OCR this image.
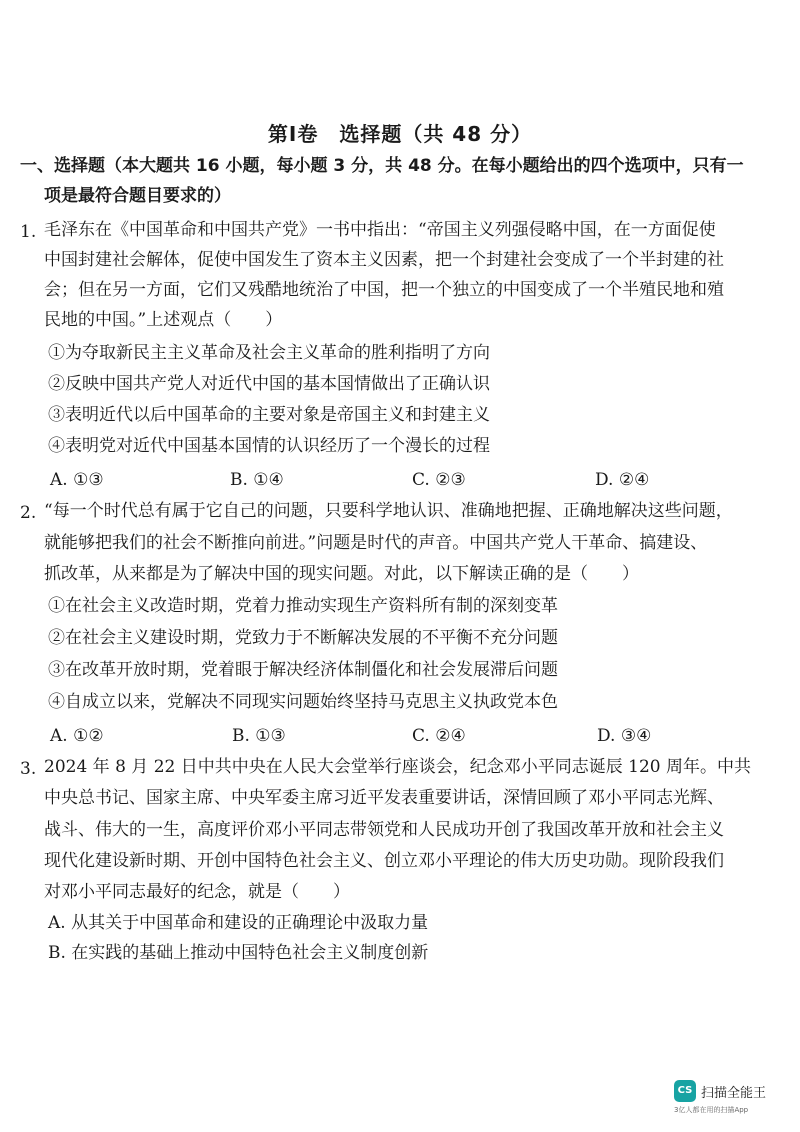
第Ⅰ卷　选择题（共 48 分）
一、选择题（本大题共 16 小题，每小题 3 分，共 48 分。在每小题给出的四个选项中，只有一
项是最符合题目要求的）
1. 毛泽东在《中国革命和中国共产党》一书中指出：“帝国主义列强侵略中国，在一方面促使
中国封建社会解体，促使中国发生了资本主义因素，把一个封建社会变成了一个半封建的社
会；但在另一方面，它们又残酷地统治了中国，把一个独立的中国变成了一个半殖民地和殖
民地的中国。”上述观点（　　）
①为夺取新民主主义革命及社会主义革命的胜利指明了方向
②反映中国共产党人对近代中国的基本国情做出了正确认识
③表明近代以后中国革命的主要对象是帝国主义和封建主义
④表明党对近代中国基本国情的认识经历了一个漫长的过程
A. ①③	B. ①④	C. ②③	D. ②④
2. “每一个时代总有属于它自己的问题，只要科学地认识、准确地把握、正确地解决这些问题，
就能够把我们的社会不断推向前进。”问题是时代的声音。中国共产党人干革命、搞建设、
抓改革，从来都是为了解决中国的现实问题。对此，以下解读正确的是（　　）
①在社会主义改造时期，党着力推动实现生产资料所有制的深刻变革
②在社会主义建设时期，党致力于不断解决发展的不平衡不充分问题
③在改革开放时期，党着眼于解决经济体制僵化和社会发展滞后问题
④自成立以来，党解决不同现实问题始终坚持马克思主义执政党本色
A. ①②	B. ①③	C. ②④	D. ③④
3. 2024 年 8 月 22 日中共中央在人民大会堂举行座谈会，纪念邓小平同志诞辰 120 周年。中共
中央总书记、国家主席、中央军委主席习近平发表重要讲话，深情回顾了邓小平同志光辉、
战斗、伟大的一生，高度评价邓小平同志带领党和人民成功开创了我国改革开放和社会主义
现代化建设新时期、开创中国特色社会主义、创立邓小平理论的伟大历史功勋。现阶段我们
对邓小平同志最好的纪念，就是（　　）
A. 从其关于中国革命和建设的正确理论中汲取力量
B. 在实践的基础上推动中国特色社会主义制度创新
CS 扫描全能王
3亿人都在用的扫描App
